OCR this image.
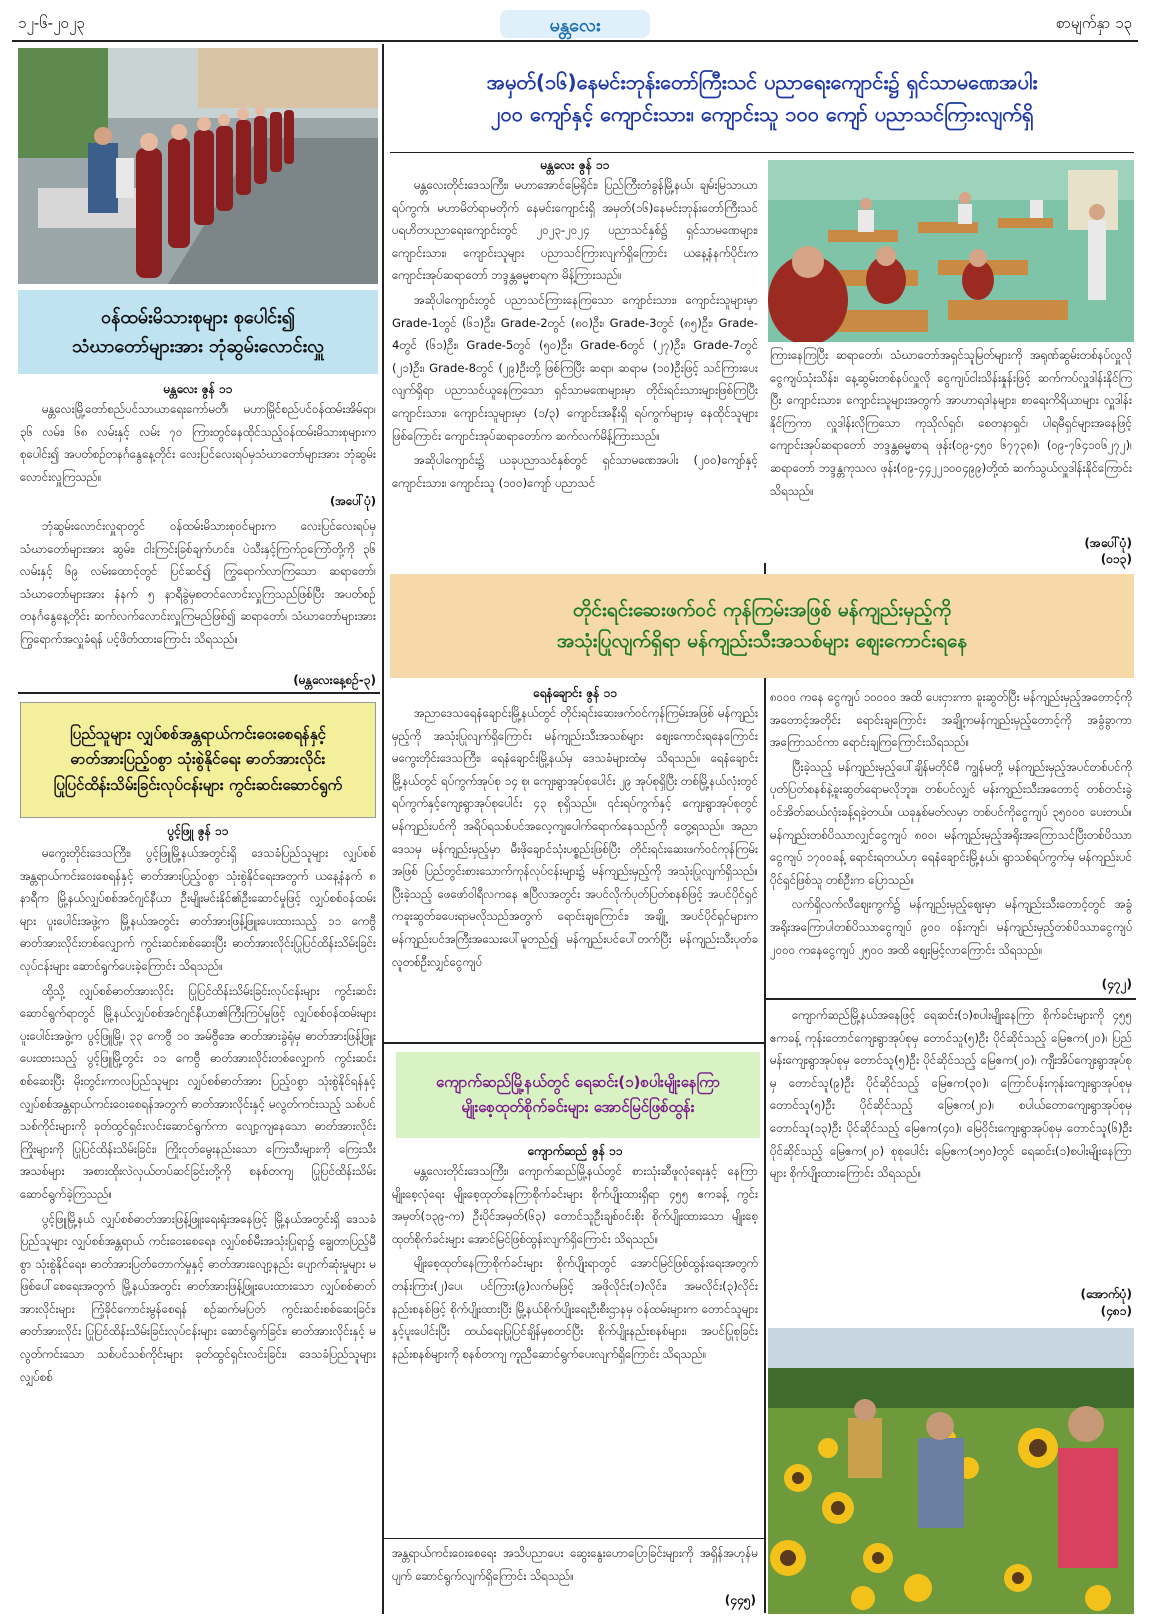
၁၂-၆-၂၀၂၃	မန္တလေး	စာမျက်နှာ ၁၃
ဝန်ထမ်းမိသားစုများ စုပေါင်း၍
သံဃာတော်များအား ဘုံဆွမ်းလောင်းလှူ
မန္တလေး ဇွန် ၁၁

မန္တလေးမြို့တော်စည်ပင်သာယာရေးကော်မတီ၊ မဟာမြိုင်စည်ပင်ဝန်ထမ်းအိမ်ရာ၊ ၃၆ လမ်း၊ ၆၈ လမ်းနှင့် လမ်း ၇၀ ကြားတွင်နေထိုင်သည့်ဝန်ထမ်းမိသားစုများက စုပေါင်း၍ အပတ်စဉ်တနင်္ဂနွေနေ့တိုင်း လေးပြင်လေးရပ်မှသံဃာတော်များအား ဘုံဆွမ်းလောင်းလှူကြသည်။

(အပေါ်ပုံ)

ဘုံဆွမ်းလောင်းလှူရာတွင် ဝန်ထမ်းမိသားစုဝင်များက လေးပြင်လေးရပ်မှသံဃာတော်များအား ဆွမ်း၊ ငါးကြင်းခြစ်ချက်ဟင်း၊ ပဲသီးနှင့်ကြက်ဥကြော်တို့ကို ၃၆ လမ်းနှင့် ၆၉ လမ်းထောင့်တွင် ပြင်ဆင်၍ ကြွရောက်လာကြသော ဆရာတော်၊ သံဃာတော်များအား နံနက် ၅ နာရီခွဲမှစတင်လောင်းလှူကြသည်ဖြစ်ပြီး အပတ်စဉ်တနင်္ဂနွေနေ့တိုင်း ဆက်လက်လောင်းလှူကြမည်ဖြစ်၍ ဆရာတော်၊ သံဃာတော်များအား ကြွရောက်အလှူခံရန် ပင့်ဖိတ်ထားကြောင်း သိရသည်။

(မန္တလေးနေ့စဉ်-၃)
ပြည်သူများ လျှပ်စစ်အန္တရာယ်ကင်းဝေးစေရန်နှင့်
ဓာတ်အားပြည့်ဝစွာ သုံးစွဲနိုင်ရေး ဓာတ်အားလိုင်း
ပြုပြင်ထိန်းသိမ်းခြင်းလုပ်ငန်းများ ကွင်းဆင်းဆောင်ရွက်
ပွင့်ဖြူ ဇွန် ၁၁

မကွေးတိုင်းဒေသကြီး၊ ပွင့်ဖြူမြို့နယ်အတွင်းရှိ ဒေသခံပြည်သူများ လျှပ်စစ်အန္တရာယ်ကင်းဝေးစေရန်နှင့် ဓာတ်အားပြည့်ဝစွာ သုံးစွဲနိုင်ရေးအတွက် ယနေ့နံနက် ၈ နာရီက မြို့နယ်လျှပ်စစ်အင်ဂျင်နီယာ ဦးမျိုးမင်းနိုင်၏ဦးဆောင်မှုဖြင့် လျှပ်စစ်ဝန်ထမ်းများ ပူးပေါင်းအဖွဲ့က မြို့နယ်အတွင်း ဓာတ်အားဖြန့်ဖြူးပေးထားသည့် ၁၁ ကေဗွီ ဓာတ်အားလိုင်းတစ်လျှောက် ကွင်းဆင်းစစ်ဆေးပြီး ဓာတ်အားလိုင်းပြုပြင်ထိန်းသိမ်းခြင်းလုပ်ငန်းများ ဆောင်ရွက်ပေးခဲ့ကြောင်း သိရသည်။

ထို့သို့ လျှပ်စစ်ဓာတ်အားလိုင်း ပြုပြင်ထိန်းသိမ်းခြင်းလုပ်ငန်းများ ကွင်းဆင်းဆောင်ရွက်ရာတွင် မြို့နယ်လျှပ်စစ်အင်ဂျင်နီယာ၏ကြီးကြပ်မှုဖြင့် လျှပ်စစ်ဝန်ထမ်းများ ပူးပေါင်းအဖွဲ့က ပွင့်ဖြူမြို့၊ ၃၃ ကေဗွီ ၁၀ အမ်ဗွီအေ ဓာတ်အားခွဲရုံမှ ဓာတ်အားဖြန့်ဖြူးပေးထားသည့် ပွင့်ဖြူမြို့တွင်း ၁၁ ကေဗွီ ဓာတ်အားလိုင်းတစ်လျှောက် ကွင်းဆင်းစစ်ဆေးပြီး မိုးတွင်းကာလပြည်သူများ လျှပ်စစ်ဓာတ်အား ပြည့်ဝစွာ သုံးစွဲနိုင်ရန်နှင့် လျှပ်စစ်အန္တရာယ်ကင်းဝေးစေရန်အတွက် ဓာတ်အားလိုင်းနှင့် မလွတ်ကင်းသည့် သစ်ပင်သစ်ကိုင်းများကို ခုတ်ထွင်ရှင်းလင်းဆောင်ရွက်ကာ လျော့ကျနေသော ဓာတ်အားလိုင်းကြိုးများကို ပြုပြင်ထိန်းသိမ်းခြင်း၊ ကြိုးငုတ်မွေးနည်းသော ကြေးသီးများကို ကြေးသီးအသစ်များ အစားထိုးလဲလှယ်တပ်ဆင်ခြင်းတို့ကို စနစ်တကျ ပြုပြင်ထိန်းသိမ်း ဆောင်ရွက်ခဲ့ကြသည်။

ပွင့်ဖြူမြို့နယ် လျှပ်စစ်ဓာတ်အားဖြန့်ဖြူးရေးရုံးအနေဖြင့် မြို့နယ်အတွင်းရှိ ဒေသခံပြည်သူများ လျှပ်စစ်အန္တရာယ် ကင်းဝေးစေရေး၊ လျှပ်စစ်မီးအသုံးပြုရာ၌ ချွေတာပြည့်မီစွာ သုံးစွဲနိုင်ရေး၊ ဓာတ်အားပြတ်တောက်မှုနှင့် ဓာတ်အားလျော့နည်း ပျောက်ဆုံးမှုများ မဖြစ်ပေါ်စေရေးအတွက် မြို့နယ်အတွင်း ဓာတ်အားဖြန့်ဖြူးပေးထားသော လျှပ်စစ်ဓာတ်အားလိုင်းများ ကြံ့ခိုင်ကောင်းမွန်စေရန် စဉ်ဆက်မပြတ် ကွင်းဆင်းစစ်ဆေးခြင်း၊ ဓာတ်အားလိုင်း ပြုပြင်ထိန်းသိမ်းခြင်းလုပ်ငန်းများ ဆောင်ရွက်ခြင်း၊ ဓာတ်အားလိုင်းနှင့် မလွတ်ကင်းသော သစ်ပင်သစ်ကိုင်းများ ခုတ်ထွင်ရှင်းလင်းခြင်း၊ ဒေသခံပြည်သူများ လျှပ်စစ်

အမှတ်(၁၆)နေမင်းဘုန်းတော်ကြီးသင် ပညာရေးကျောင်း၌ ရှင်သာမဏေအပါး
၂၀၀ ကျော်နှင့် ကျောင်းသား၊ ကျောင်းသူ ၁၀၀ ကျော် ပညာသင်ကြားလျက်ရှိ
မန္တလေး ဇွန် ၁၁

မန္တလေးတိုင်းဒေသကြီး၊ မဟာအောင်မြေရိုင်း၊ ပြည်ကြီးတံခွန်မြို့နယ်၊ ချမ်းမြသာယာရပ်ကွက်၊ မဟာမိတ်ရာမတိုက် နေမင်းကျောင်းရှိ အမှတ်(၁၆)နေမင်းဘုန်းတော်ကြီးသင် ပရဟိတပညာရေးကျောင်းတွင် ၂၀၂၃-၂၀၂၄ ပညာသင်နှစ်၌ ရှင်သာမဏေများ၊ ကျောင်းသား၊ ကျောင်းသူများ ပညာသင်ကြားလျက်ရှိကြောင်း ယနေ့နံနက်ပိုင်းက ကျောင်းအုပ်ဆရာတော် ဘဒ္ဒန္တဓမ္မစာရက မိန့်ကြားသည်။

အဆိုပါကျောင်းတွင် ပညာသင်ကြားနေကြသော ကျောင်းသား၊ ကျောင်းသူများမှာ Grade-1တွင် (၆၁)ဦး၊ Grade-2တွင် (၈၀)ဦး၊ Grade-3တွင် (၈၅)ဦး၊ Grade-4တွင် (၆၁)ဦး၊ Grade-5တွင် (၅၀)ဦး၊ Grade-6တွင် (၂၇)ဦး၊ Grade-7တွင် (၂၁)ဦး၊ Grade-8တွင် (၂၉)ဦးတို့ ဖြစ်ကြပြီး ဆရာ၊ ဆရာမ (၁၀)ဦးဖြင့် သင်ကြားပေးလျက်ရှိရာ ပညာသင်ယူနေကြသော ရှင်သာမဏေများမှာ တိုင်းရင်းသားများဖြစ်ကြပြီး ကျောင်းသား၊ ကျောင်းသူများမှာ (၁/၃) ကျောင်းအနီးရှိ ရပ်ကွက်များမှ နေထိုင်သူများဖြစ်ကြောင်း ကျောင်းအုပ်ဆရာတော်က ဆက်လက်မိန့်ကြားသည်။

အဆိုပါကျောင်း၌ ယခုပညာသင်နှစ်တွင် ရှင်သာမဏေအပါး (၂၀၀)ကျော်နှင့် ကျောင်းသား၊ ကျောင်းသူ (၁၀၀)ကျော် ပညာသင်

ကြားနေကြပြီး ဆရာတော်၊ သံဃာတော်အရှင်သူမြတ်များကို အရုဏ်ဆွမ်းတစ်နပ်လှူလို ငွေကျပ်သုံးသိန်း၊ နေ့ဆွမ်းတစ်နပ်လှူလို ငွေကျပ်ငါးသိန်းနှုန်းဖြင့် ဆက်ကပ်လှူဒါန်းနိုင်ကြပြီး ကျောင်းသား၊ ကျောင်းသူများအတွက် အာဟာရဒါနများ၊ စာရေးကိရိယာများ လှူဒါန်းနိုင်ကြကာ လှူဒါန်းလိုကြသော ကုသိုလ်ရှင်၊ စေတနာရှင်၊ ပါရမီရှင်များအနေဖြင့် ကျောင်းအုပ်ဆရာတော် ဘဒ္ဒန္တဓမ္မစာရ ဖုန်း(၀၉-၄၅၀ ၆၇၇၃၈)၊ (၀၉-၇၆၄၁၀၆၂၇၂)၊ ဆရာတော် ဘဒ္ဒန္တကုသလ ဖုန်း(၀၉-၄၄၂၂၁၀၀၄၉၉)တို့ထံ ဆက်သွယ်လှူဒါန်းနိုင်ကြောင်း သိရသည်။

(အပေါ်ပုံ)
(၀၁၃)
တိုင်းရင်းဆေးဖက်ဝင် ကုန်ကြမ်းအဖြစ် မန်ကျည်းမှည့်ကို
အသုံးပြုလျက်ရှိရာ မန်ကျည်းသီးအသစ်များ ဈေးကောင်းရနေ
ရေနံချောင်း ဇွန် ၁၁

အညာဒေသရေနံချောင်းမြို့နယ်တွင် တိုင်းရင်းဆေးဖက်ဝင်ကုန်ကြမ်းအဖြစ် မန်ကျည်းမှည့်ကို အသုံးပြုလျက်ရှိကြောင်း မန်ကျည်းသီးအသစ်များ ဈေးကောင်းရနေကြောင်း မကွေးတိုင်းဒေသကြီး၊ ရေနံချောင်းမြို့နယ်မှ ဒေသခံများထံမှ သိရသည်။ ရေနံချောင်းမြို့နယ်တွင် ရပ်ကွက်အုပ်စု ၁၄ စု၊ ကျေးရွာအုပ်စုပေါင်း ၂၉ အုပ်စုရှိပြီး တစ်မြို့နယ်လုံးတွင် ရပ်ကွက်နှင့်ကျေးရွာအုပ်စုပေါင်း ၄၃ စုရှိသည်။ ၎င်းရပ်ကွက်နှင့် ကျေးရွာအုပ်စုတွင် မန်ကျည်းပင်ကို အရိပ်ရသစ်ပင်အလေ့ကျပေါက်ရောက်နေသည်ကို တွေ့ရသည်။ အညာဒေသမှ မန်ကျည်းမှည့်မှာ မီးဖိုချောင်သုံးပစ္စည်းဖြစ်ပြီး တိုင်းရင်းဆေးဖက်ဝင်ကုန်ကြမ်းအဖြစ် ပြည်တွင်းစားသောက်ကုန်လုပ်ငန်းများ၌ မန်ကျည်းမှည့်ကို အသုံးပြုလျက်ရှိသည်။ ပြီးခဲ့သည့် ဖေဖော်ဝါရီလကနေ ဧပြီလအတွင်း အပင်လိုက်ပုတ်ပြတ်စနစ်ဖြင့် အပင်ပိုင်ရှင်ကခူးဆွတ်ခပေးရာမလိုသည်အတွက် ရောင်းချကြောင်း၊ အချို့ အပင်ပိုင်ရှင်များက မန်ကျည်းပင်အကြီးအသေးပေါ်မူတည်၍ မန်ကျည်းပင်ပေါ်တက်ပြီး မန်ကျည်းသီးပုတ်ခ လူတစ်ဦးလျှင်ငွေကျပ်

၈၀၀၀ ကနေ ငွေကျပ် ၁၀၀၀၀ အထိ ပေးငှားကာ ခူးဆွတ်ပြီး မန်ကျည်းမှည့်အတောင့်ကို အတောင့်အတိုင်း ရောင်းချကြောင်း အချို့ကမန်ကျည်းမှည့်တောင့်ကို အခွံခွာကာ အကြောသင်ကာ ရောင်းချကြကြောင်းသိရသည်။

ပြီးခဲ့သည့် မန်ကျည်းမှည့်ပေါ်ချိန်မတိုင်မီ ကျွန်မတို့ မန်ကျည်းမှည့်အပင်တစ်ပင်ကို ပုတ်ပြတ်စနစ်နဲ့ခူးဆွတ်ရောမလိုဘူး။ တစ်ပင်လျှင် မန်းကျည်းသီးအတောင့် တစ်တင်းခွဲဝင်အိတ်ဆယ်လုံးခန့်ရခဲ့တယ်။ ယခုနှစ်မတ်လမှာ တစ်ပင်ကိုငွေကျပ် ၃၅၀၀၀ ပေးတယ်။ မန်ကျည်းတစ်ပိဿာလျှင်ငွေကျပ် ၈၀၀၊ မန်ကျည်းမှည့်အရိုးအကြောသင်ပြီးတစ်ပိဿာငွေကျပ် ၁၇၀၀ခန့် ရောင်းရတယ်ဟု ရေနံချောင်းမြို့နယ်၊ ရွာသစ်ရပ်ကွက်မှ မန်ကျည်းပင်ပိုင်ရှင်ဖြစ်သူ တစ်ဦးက ပြောသည်။

လက်ရှိလက်လီဈေးကွက်၌ မန်ကျည်းမှည့်ဈေးမှာ မန်ကျည်းသီးတောင့်တွင် အခွံအရိုးအကြောပါတစ်ပိဿာငွေကျပ် ၉၀၀ ဝန်းကျင်၊ မန်ကျည်းမှည့်တစ်ပိဿာငွေကျပ် ၂၀၀၀ ကနေငွေကျပ် ၂၅၀၀ အထိ ဈေးမြင့်လာကြောင်း သိရသည်။

(၄၇၂)
ကျောက်ဆည်မြို့နယ်တွင် ရေဆင်း(၁)စပါးမျိုးနေကြာ
မျိုးစေ့ထုတ်စိုက်ခင်းများ အောင်မြင်ဖြစ်ထွန်း
ကျောက်ဆည် ဇွန် ၁၁

မန္တလေးတိုင်းဒေသကြီး၊ ကျောက်ဆည်မြို့နယ်တွင် စားသုံးဆီဖူလုံရေးနှင့် နေကြာမျိုးစေ့လုံရေး မျိုးစေ့ထုတ်နေကြာစိုက်ခင်းများ စိုက်ပျိုးထားရှိရာ ၄၅၅ ဧကခန့် ကွင်းအမှတ်(၁၃၉-က) ဦးပိုင်အမှတ်(၆၃) တောင်သူဦးချစ်ဝင်းစိုး စိုက်ပျိုးထားသော မျိုးစေ့ထုတ်စိုက်ခင်းများ အောင်မြင်ဖြစ်ထွန်းလျက်ရှိကြောင်း သိရသည်။

မျိုးစေ့ထုတ်နေကြာစိုက်ခင်းများ စိုက်ပျိုးရာတွင် အောင်မြင်ဖြစ်ထွန်းရေးအတွက် တန်းကြား(၂)ပေ၊ ပင်ကြား(၉)လက်မဖြင့် အဖိုလိုင်း(၁)လိုင်း၊ အမလိုင်း(၃)လိုင်း နည်းစနစ်ဖြင့် စိုက်ပျိုးထားပြီး မြို့နယ်စိုက်ပျိုးရေးဦးစီးဌာနမှ ဝန်ထမ်းများက တောင်သူများနှင့်ပူးပေါင်းပြီး ထယ်ရေးပြုပြင်ချိန်မှစတင်ပြီး စိုက်ပျိုးနည်းစနစ်များ၊ အပင်ပြုစုခြင်းနည်းစနစ်များကို စနစ်တကျ ကူညီဆောင်ရွက်ပေးလျက်ရှိကြောင်း သိရသည်။

ကျောက်ဆည်မြို့နယ်အနေဖြင့် ရေဆင်း(၁)စပါးမျိုးနေကြာ စိုက်ခင်းများကို ၄၅၅ ဧကခန့် ကုန်းတောင်ကျေးရွာအုပ်စုမှ တောင်သူ(၅)ဦး ပိုင်ဆိုင်သည့် မြေဧက(၂၀)၊ ပြည်မန်းကျေးရွာအုပ်စုမှ တောင်သူ(၅)ဦး ပိုင်ဆိုင်သည့် မြေဧက(၂၀)၊ ကျီးအိပ်ကျေးရွာအုပ်စုမှ တောင်သူ(၉)ဦး ပိုင်ဆိုင်သည့် မြေဧက(၃၀)၊ ကြောင်ပန်းကုန်းကျေးရွာအုပ်စုမှ တောင်သူ(၅)ဦး ပိုင်ဆိုင်သည့် မြေဧက(၂၀)၊ စပါယ်တောကျေးရွာအုပ်စုမှ တောင်သူ(၁၃)ဦး ပိုင်ဆိုင်သည့် မြေဧက(၄၀)၊ မြေဝိုင်းကျေးရွာအုပ်စုမှ တောင်သူ(၆)ဦး ပိုင်ဆိုင်သည့် မြေဧက(၂၀) စုစုပေါင်း မြေဧက(၁၅၀)တွင် ရေဆင်း(၁)စပါးမျိုးနေကြာများ စိုက်ပျိုးထားကြောင်း သိရသည်။

(အောက်ပုံ)
(၄၈၁)

အန္တရာယ်ကင်းဝေးစေရေး အသိပညာပေး ဆွေးနွေးဟောပြောခြင်းများကို အရှိန်အဟုန်မပျက် ဆောင်ရွက်လျက်ရှိကြောင်း သိရသည်။

(၄၄၅)
